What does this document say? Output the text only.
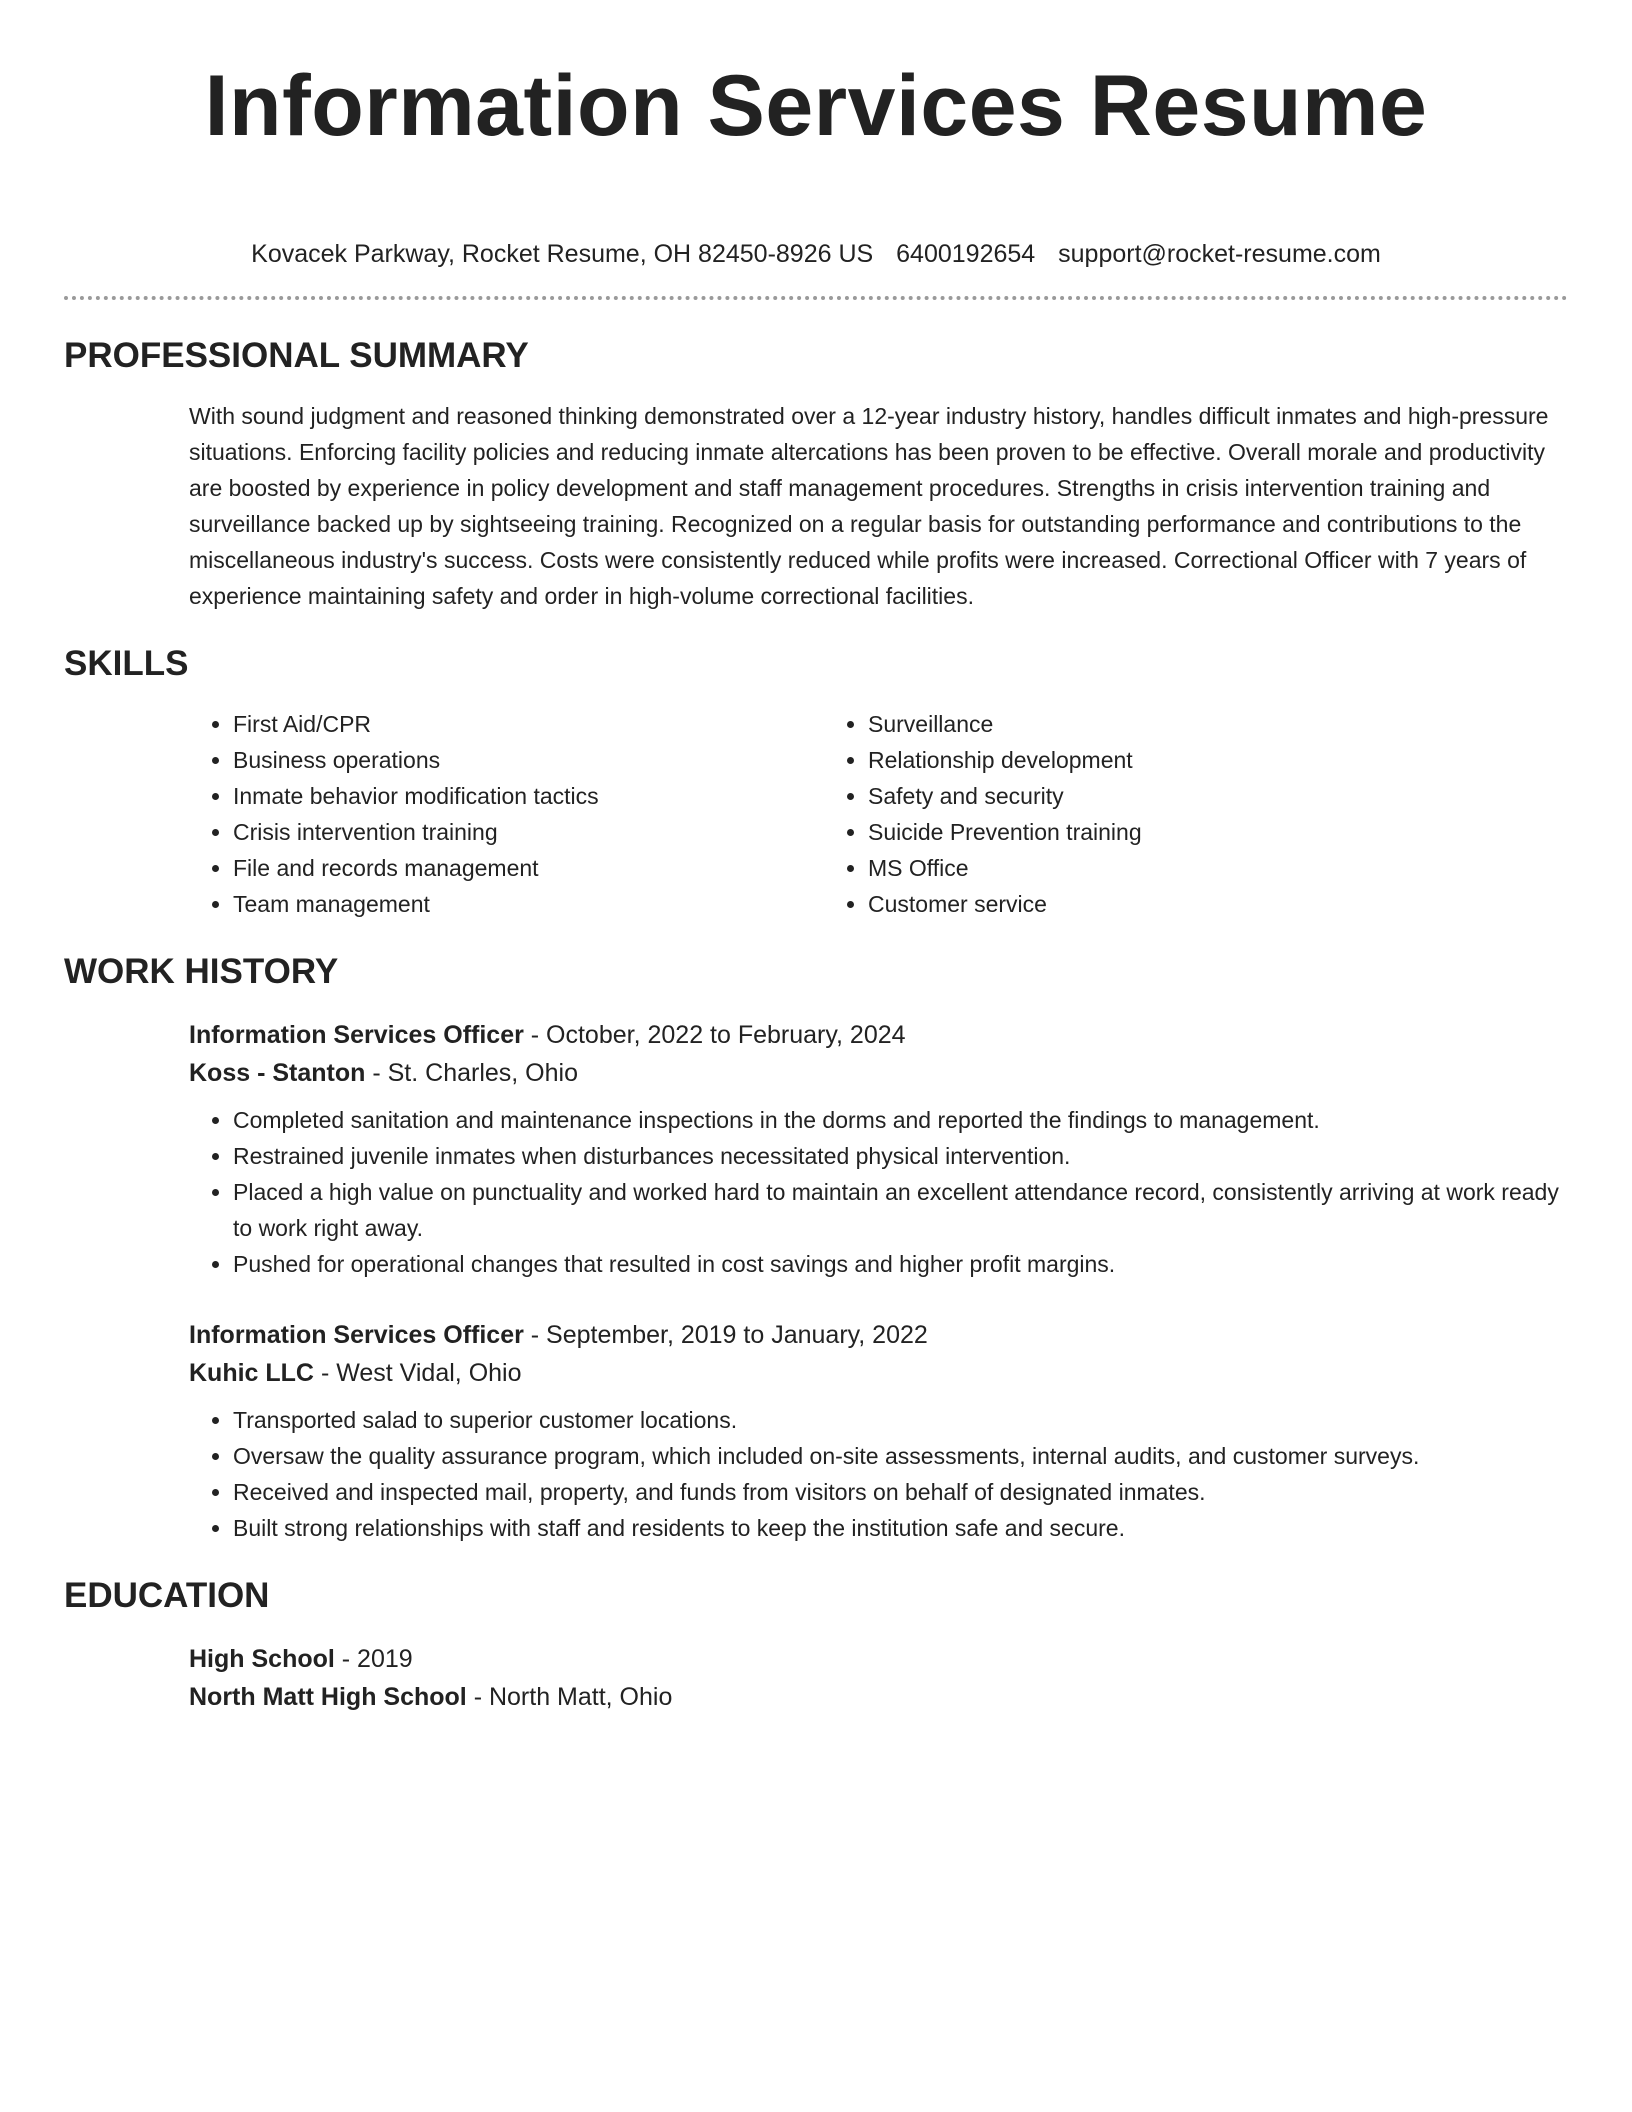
Information Services Resume
Kovacek Parkway, Rocket Resume, OH 82450-8926 US 6400192654 support@rocket-resume.com
PROFESSIONAL SUMMARY

With sound judgment and reasoned thinking demonstrated over a 12-year industry history, handles difficult inmates and high-pressure situations. Enforcing facility policies and reducing inmate altercations has been proven to be effective. Overall morale and productivity are boosted by experience in policy development and staff management procedures. Strengths in crisis intervention training and surveillance backed up by sightseeing training. Recognized on a regular basis for outstanding performance and contributions to the miscellaneous industry's success. Costs were consistently reduced while profits were increased. Correctional Officer with 7 years of experience maintaining safety and order in high-volume correctional facilities.

SKILLS
• First Aid/CPR
• Business operations
• Inmate behavior modification tactics
• Crisis intervention training
• File and records management
• Team management
• Surveillance
• Relationship development
• Safety and security
• Suicide Prevention training
• MS Office
• Customer service
WORK HISTORY
Information Services Officer - October, 2022 to February, 2024
Koss - Stanton - St. Charles, Ohio
• Completed sanitation and maintenance inspections in the dorms and reported the findings to management.
• Restrained juvenile inmates when disturbances necessitated physical intervention.
• Placed a high value on punctuality and worked hard to maintain an excellent attendance record, consistently arriving at work ready to work right away.
• Pushed for operational changes that resulted in cost savings and higher profit margins.
Information Services Officer - September, 2019 to January, 2022
Kuhic LLC - West Vidal, Ohio
• Transported salad to superior customer locations.
• Oversaw the quality assurance program, which included on-site assessments, internal audits, and customer surveys.
• Received and inspected mail, property, and funds from visitors on behalf of designated inmates.
• Built strong relationships with staff and residents to keep the institution safe and secure.
EDUCATION
High School - 2019
North Matt High School - North Matt, Ohio
